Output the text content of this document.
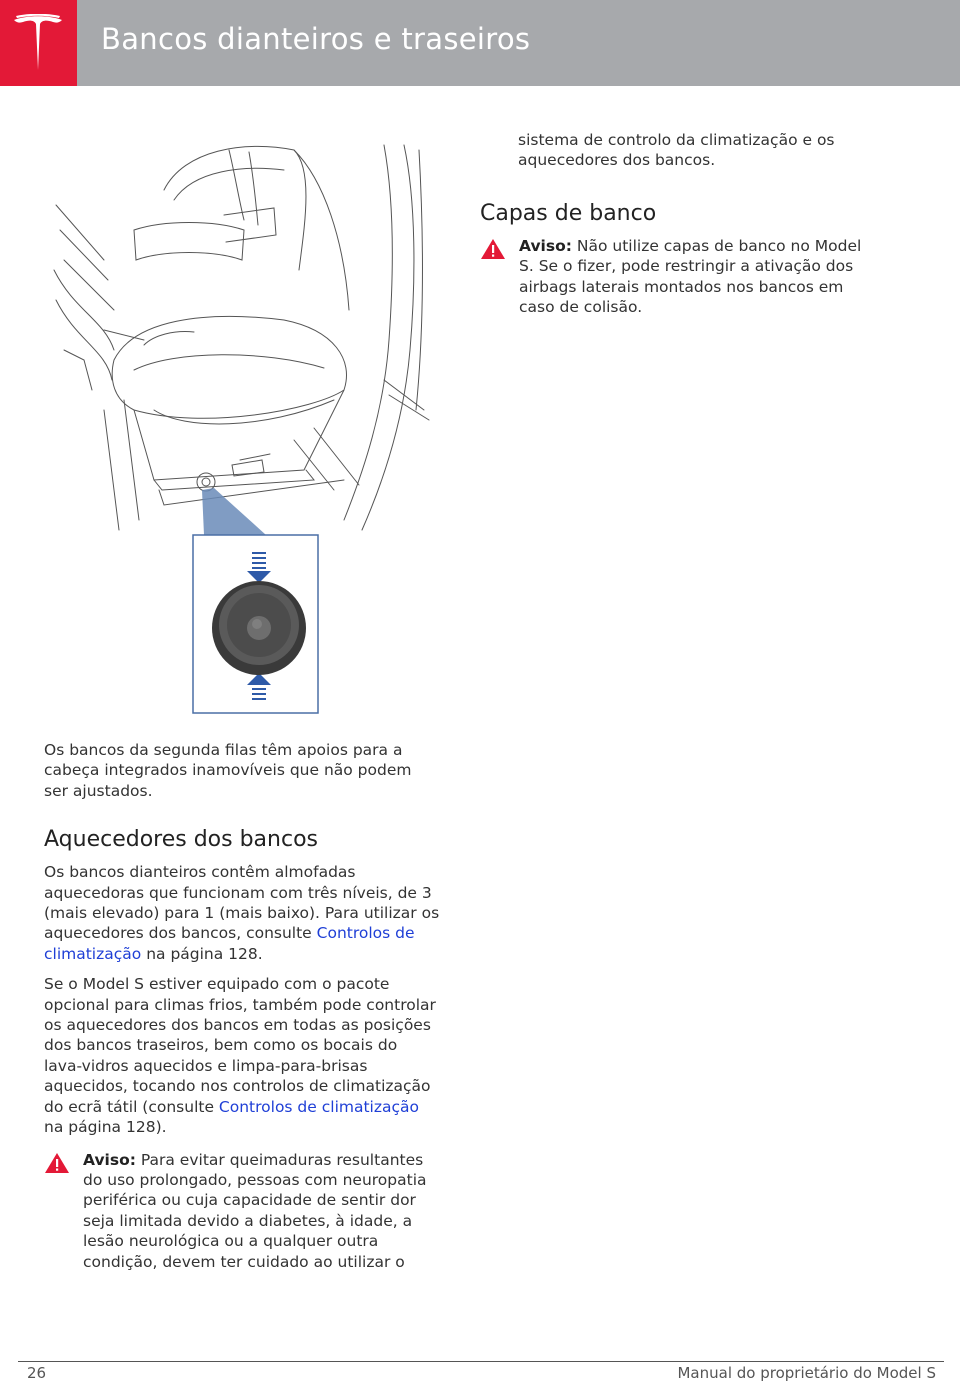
Bancos dianteiros e traseiros

Os bancos da segunda filas têm apoios para a cabeça integrados inamovíveis que não podem ser ajustados.

Aquecedores dos bancos

Os bancos dianteiros contêm almofadas aquecedoras que funcionam com três níveis, de 3 (mais elevado) para 1 (mais baixo). Para utilizar os aquecedores dos bancos, consulte Controlos de climatização na página 128.

Se o Model S estiver equipado com o pacote opcional para climas frios, também pode controlar os aquecedores dos bancos em todas as posições dos bancos traseiros, bem como os bocais do lava-vidros aquecidos e limpa-para-brisas aquecidos, tocando nos controlos de climatização do ecrã tátil (consulte Controlos de climatização na página 128).

Aviso: Para evitar queimaduras resultantes do uso prolongado, pessoas com neuropatia periférica ou cuja capacidade de sentir dor seja limitada devido a diabetes, à idade, a lesão neurológica ou a qualquer outra condição, devem ter cuidado ao utilizar o

sistema de controlo da climatização e os aquecedores dos bancos.

Capas de banco

Aviso: Não utilize capas de banco no Model S. Se o fizer, pode restringir a ativação dos airbags laterais montados nos bancos em caso de colisão.

26	Manual do proprietário do Model S
